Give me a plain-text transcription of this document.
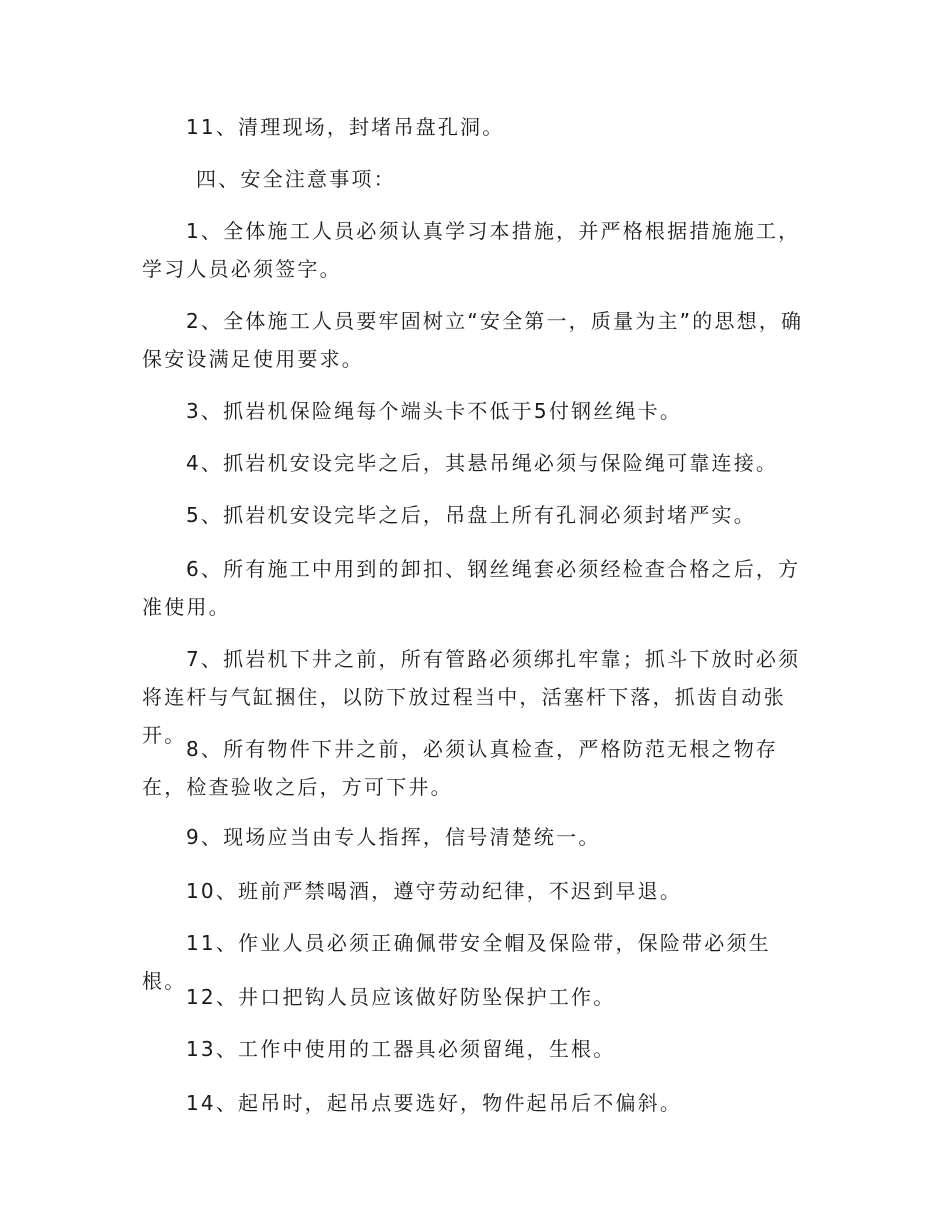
11、清理现场，封堵吊盘孔洞。

四、安全注意事项：

1、全体施工人员必须认真学习本措施，并严格根据措施施工，学习人员必须签字。

2、全体施工人员要牢固树立“安全第一，质量为主”的思想，确保安设满足使用要求。

3、抓岩机保险绳每个端头卡不低于5付钢丝绳卡。

4、抓岩机安设完毕之后，其悬吊绳必须与保险绳可靠连接。

5、抓岩机安设完毕之后，吊盘上所有孔洞必须封堵严实。

6、所有施工中用到的卸扣、钢丝绳套必须经检查合格之后，方准使用。

7、抓岩机下井之前，所有管路必须绑扎牢靠；抓斗下放时必须将连杆与气缸捆住，以防下放过程当中，活塞杆下落，抓齿自动张开。

8、所有物件下井之前，必须认真检查，严格防范无根之物存在，检查验收之后，方可下井。

9、现场应当由专人指挥，信号清楚统一。

10、班前严禁喝酒，遵守劳动纪律，不迟到早退。

11、作业人员必须正确佩带安全帽及保险带，保险带必须生根。

12、井口把钩人员应该做好防坠保护工作。

13、工作中使用的工器具必须留绳，生根。

14、起吊时，起吊点要选好，物件起吊后不偏斜。
